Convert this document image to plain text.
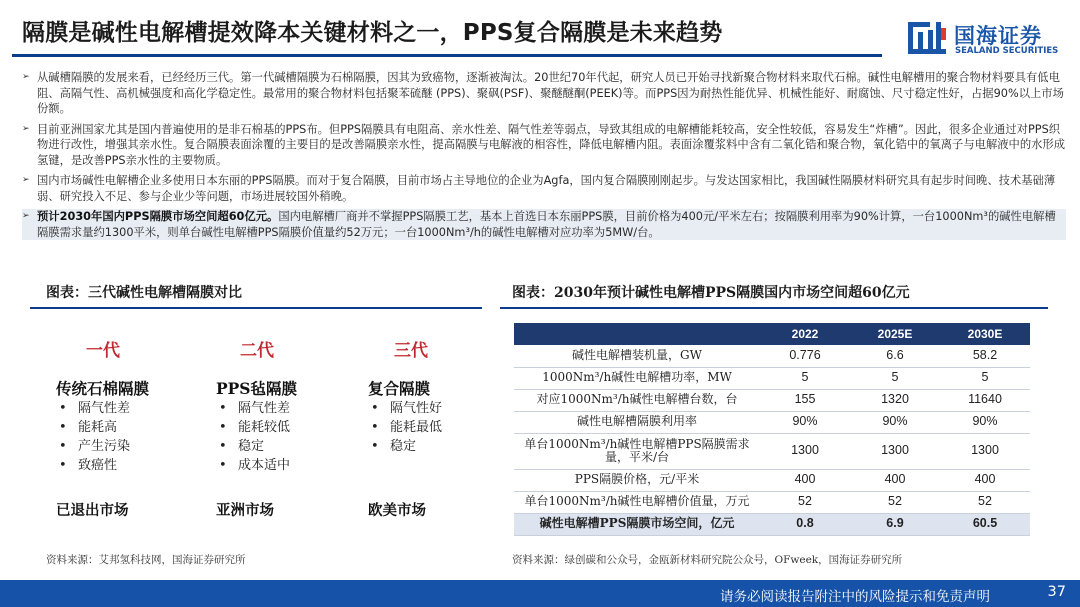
隔膜是碱性电解槽提效降本关键材料之一，PPS复合隔膜是未来趋势	国海证券
SEALAND SECURITIES
➢ 从碱槽隔膜的发展来看，已经经历三代。第一代碱槽隔膜为石棉隔膜，因其为致癌物，逐渐被淘汰。20世纪70年代起，研究人员已开始寻找新聚合物材料来取代石棉。碱性电解槽用的聚合物材料要具有低电阻、高隔气性、高机械强度和高化学稳定性。最常用的聚合物材料包括聚苯硫醚 (PPS)、聚砜(PSF)、聚醚醚酮(PEEK)等。而PPS因为耐热性能优异、机械性能好、耐腐蚀、尺寸稳定性好，占据90%以上市场份额。
➢ 目前亚洲国家尤其是国内普遍使用的是非石棉基的PPS布。但PPS隔膜具有电阻高、亲水性差、隔气性差等弱点，导致其组成的电解槽能耗较高，安全性较低，容易发生“炸槽”。因此，很多企业通过对PPS织物进行改性，增强其亲水性。复合隔膜表面涂覆的主要目的是改善隔膜亲水性，提高隔膜与电解液的相容性，降低电解槽内阻。表面涂覆浆料中含有二氧化锆和聚合物，氧化锆中的氧离子与电解液中的水形成氢键，是改善PPS亲水性的主要物质。
➢ 国内市场碱性电解槽企业多使用日本东丽的PPS隔膜。而对于复合隔膜，目前市场占主导地位的企业为Agfa，国内复合隔膜刚刚起步。与发达国家相比，我国碱性隔膜材料研究具有起步时间晚、技术基础薄弱、研究投入不足、参与企业少等问题，市场进展较国外稍晚。
➢ 预计2030年国内PPS隔膜市场空间超60亿元。国内电解槽厂商并不掌握PPS隔膜工艺，基本上首选日本东丽PPS膜，目前价格为400元/平米左右；按隔膜利用率为90%计算，一台1000Nm³的碱性电解槽隔膜需求量约1300平米，则单台碱性电解槽PPS隔膜价值量约52万元；一台1000Nm³/h的碱性电解槽对应功率为5MW/台。
图表：三代碱性电解槽隔膜对比
一代	二代	三代
传统石棉隔膜	PPS毡隔膜	复合隔膜
• 隔气性差
• 能耗高
• 产生污染
• 致癌性
• 隔气性差
• 能耗较低
• 稳定
• 成本适中
• 隔气性好
• 能耗最低
• 稳定
已退出市场	亚洲市场	欧美市场
资料来源：艾邦氢科技网，国海证券研究所
图表：2030年预计碱性电解槽PPS隔膜国内市场空间超60亿元
	2022	2025E	2030E
碱性电解槽装机量，GW	0.776	6.6	58.2
1000Nm³/h碱性电解槽功率，MW	5	5	5
对应1000Nm³/h碱性电解槽台数，台	155	1320	11640
碱性电解槽隔膜利用率	90%	90%	90%
单台1000Nm³/h碱性电解槽PPS隔膜需求量，平米/台	1300	1300	1300
PPS隔膜价格，元/平米	400	400	400
单台1000Nm³/h碱性电解槽价值量，万元	52	52	52
碱性电解槽PPS隔膜市场空间，亿元	0.8	6.9	60.5
资料来源：绿创碳和公众号，金瓯新材料研究院公众号，OFweek，国海证券研究所
请务必阅读报告附注中的风险提示和免责声明	37
